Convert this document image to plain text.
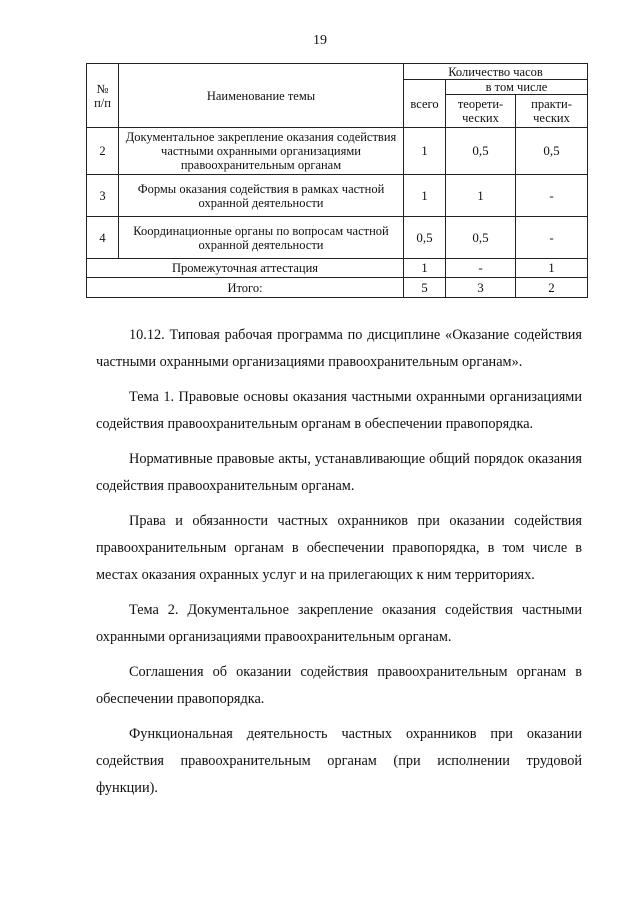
19
№ п/п	Наименование темы	Количество часов		
		всего	в том числе	
			теорети-ческих	практи-ческих
2	Документальное закрепление оказания содействия частными охранными организациями правоохранительным органам	1	0,5	0,5
3	Формы оказания содействия в рамках частной охранной деятельности	1	1	-
4	Координационные органы по вопросам частной охранной деятельности	0,5	0,5	-
Промежуточная аттестация		1	-	1
Итого:		5	3	2

10.12. Типовая рабочая программа по дисциплине «Оказание содействия частными охранными организациями правоохранительным органам».

Тема 1. Правовые основы оказания частными охранными организациями содействия правоохранительным органам в обеспечении правопорядка.

Нормативные правовые акты, устанавливающие общий порядок оказания содействия правоохранительным органам.

Права и обязанности частных охранников при оказании содействия правоохранительным органам в обеспечении правопорядка, в том числе в местах оказания охранных услуг и на прилегающих к ним территориях.

Тема 2. Документальное закрепление оказания содействия частными охранными организациями правоохранительным органам.

Соглашения об оказании содействия правоохранительным органам в обеспечении правопорядка.

Функциональная деятельность частных охранников при оказании содействия правоохранительным органам (при исполнении трудовой функции).
